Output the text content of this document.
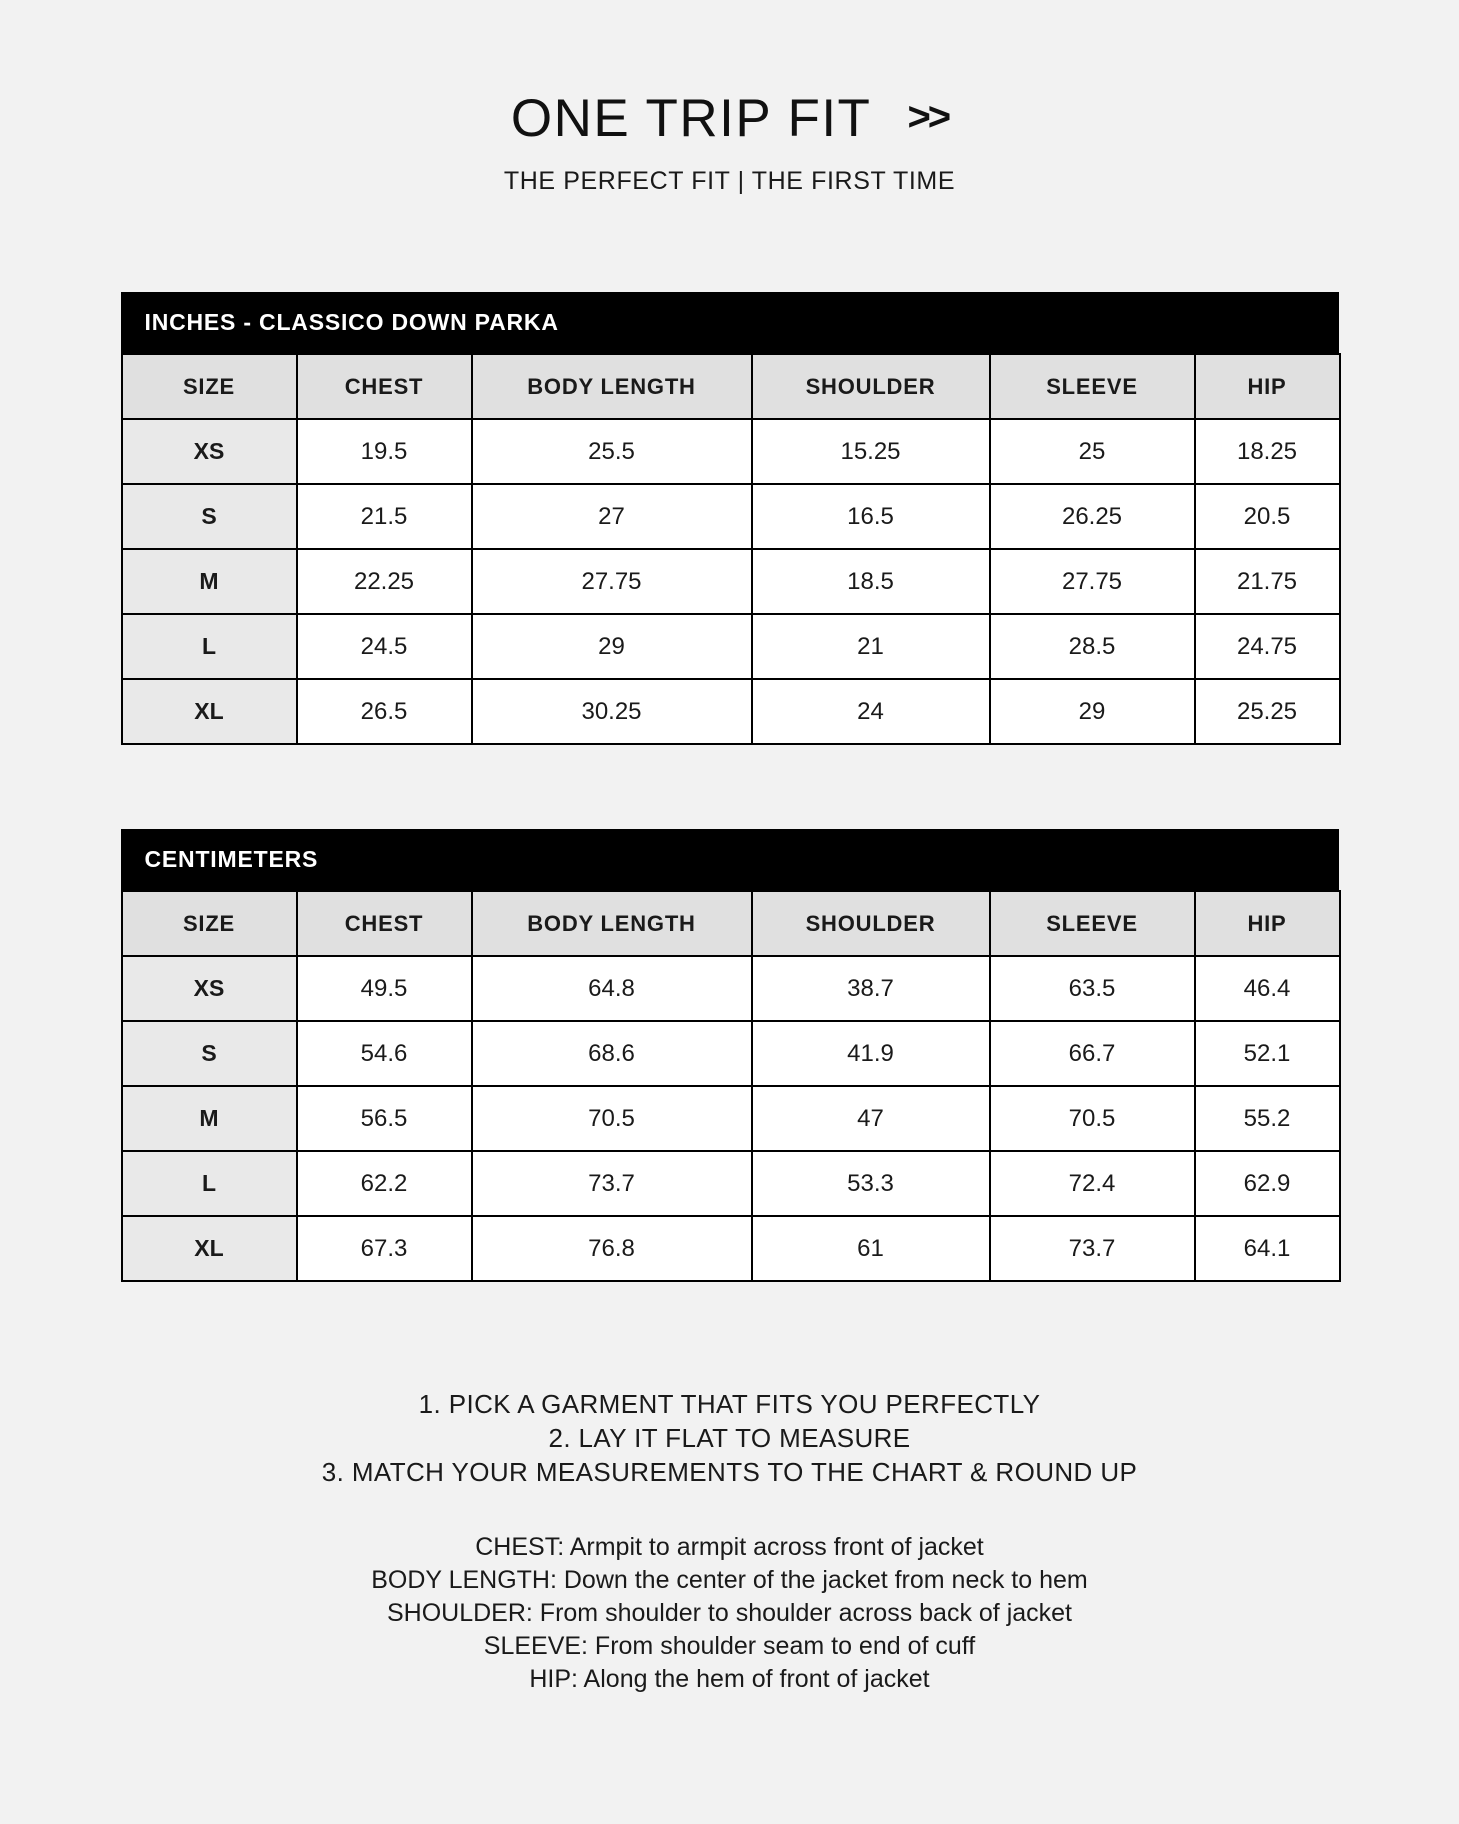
ONE TRIP FIT >>
THE PERFECT FIT | THE FIRST TIME
INCHES - CLASSICO DOWN PARKA
SIZE	CHEST	BODY LENGTH	SHOULDER	SLEEVE	HIP
XS	19.5	25.5	15.25	25	18.25
S	21.5	27	16.5	26.25	20.5
M	22.25	27.75	18.5	27.75	21.75
L	24.5	29	21	28.5	24.75
XL	26.5	30.25	24	29	25.25
CENTIMETERS
SIZE	CHEST	BODY LENGTH	SHOULDER	SLEEVE	HIP
XS	49.5	64.8	38.7	63.5	46.4
S	54.6	68.6	41.9	66.7	52.1
M	56.5	70.5	47	70.5	55.2
L	62.2	73.7	53.3	72.4	62.9
XL	67.3	76.8	61	73.7	64.1

1. PICK A GARMENT THAT FITS YOU PERFECTLY

2. LAY IT FLAT TO MEASURE

3. MATCH YOUR MEASUREMENTS TO THE CHART & ROUND UP

CHEST: Armpit to armpit across front of jacket

BODY LENGTH: Down the center of the jacket from neck to hem

SHOULDER: From shoulder to shoulder across back of jacket

SLEEVE: From shoulder seam to end of cuff

HIP: Along the hem of front of jacket
